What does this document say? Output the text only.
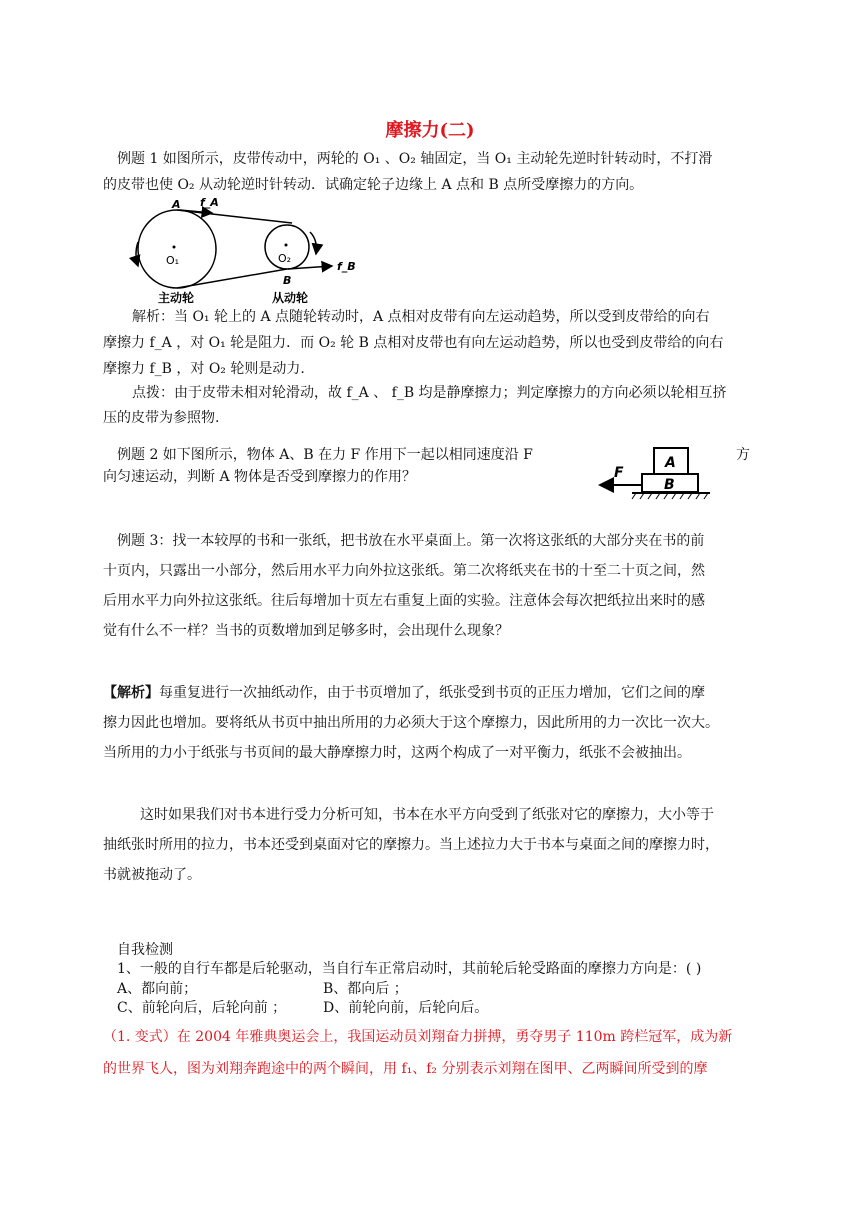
摩擦力(二)
例题 1 如图所示，皮带传动中，两轮的 O₁ 、O₂ 轴固定，当 O₁ 主动轮先逆时针转动时，不打滑
的皮带也使 O₂ 从动轮逆时针转动．试确定轮子边缘上 A 点和 B 点所受摩擦力的方向。
A f_A
O₁	O₂
B
f_B
主动轮	从动轮
解析：当 O₁ 轮上的 A 点随轮转动时，A 点相对皮带有向左运动趋势，所以受到皮带给的向右
摩擦力 f_A ，对 O₁ 轮是阻力．而 O₂ 轮 B 点相对皮带也有向左运动趋势，所以也受到皮带给的向右
摩擦力 f_B ，对 O₂ 轮则是动力.
点拨：由于皮带未相对轮滑动，故 f_A 、 f_B 均是静摩擦力；判定摩擦力的方向必须以轮相互挤
压的皮带为参照物.
例题 2 如下图所示，物体 A、B 在力 F 作用下一起以相同速度沿 F	方
向匀速运动，判断 A 物体是否受到摩擦力的作用？
A
B
F
例题 3：找一本较厚的书和一张纸，把书放在水平桌面上。第一次将这张纸的大部分夹在书的前
十页内，只露出一小部分，然后用水平力向外拉这张纸。第二次将纸夹在书的十至二十页之间，然
后用水平力向外拉这张纸。往后每增加十页左右重复上面的实验。注意体会每次把纸拉出来时的感
觉有什么不一样？当书的页数增加到足够多时，会出现什么现象？
【解析】每重复进行一次抽纸动作，由于书页增加了，纸张受到书页的正压力增加，它们之间的摩
擦力因此也增加。要将纸从书页中抽出所用的力必须大于这个摩擦力，因此所用的力一次比一次大。
当所用的力小于纸张与书页间的最大静摩擦力时，这两个构成了一对平衡力，纸张不会被抽出。
这时如果我们对书本进行受力分析可知，书本在水平方向受到了纸张对它的摩擦力，大小等于
抽纸张时所用的拉力，书本还受到桌面对它的摩擦力。当上述拉力大于书本与桌面之间的摩擦力时，
书就被拖动了。
自我检测
1、一般的自行车都是后轮驱动，当自行车正常启动时，其前轮后轮受路面的摩擦力方向是：( )
A、都向前；	B、都向后 ；
C、前轮向后，后轮向前 ；	D、前轮向前，后轮向后。
（1. 变式）在 2004 年雅典奥运会上，我国运动员刘翔奋力拼搏，勇夺男子 110m 跨栏冠军，成为新
的世界飞人，图为刘翔奔跑途中的两个瞬间，用 f₁、f₂ 分别表示刘翔在图甲、乙两瞬间所受到的摩
